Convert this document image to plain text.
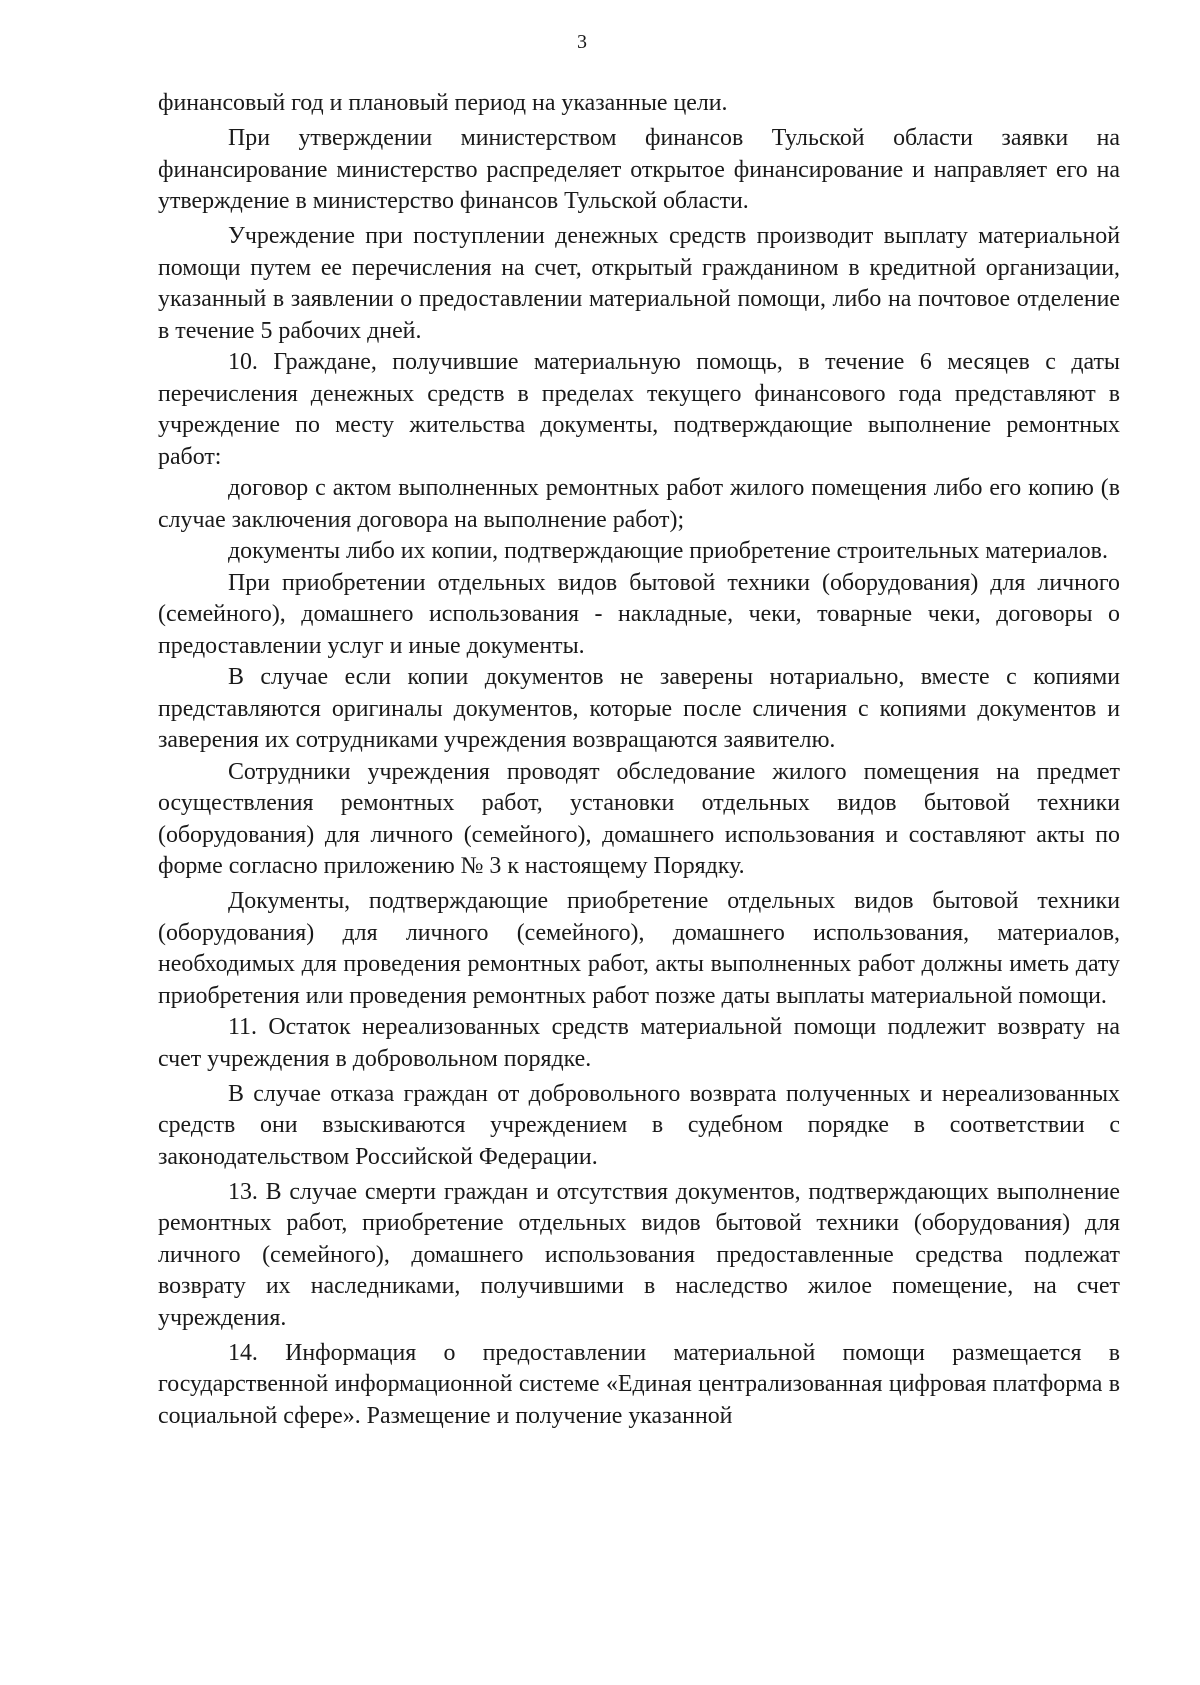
3

финансовый год и плановый период на указанные цели.

При утверждении министерством финансов Тульской области заявки на финансирование министерство распределяет открытое финансирование и направляет его на утверждение в министерство финансов Тульской области.

Учреждение при поступлении денежных средств производит выплату материальной помощи путем ее перечисления на счет, открытый гражданином в кредитной организации, указанный в заявлении о предоставлении материальной помощи, либо на почтовое отделение в течение 5 рабочих дней.

10. Граждане, получившие материальную помощь, в течение 6 месяцев с даты перечисления денежных средств в пределах текущего финансового года представляют в учреждение по месту жительства документы, подтверждающие выполнение ремонтных работ:

договор с актом выполненных ремонтных работ жилого помещения либо его копию (в случае заключения договора на выполнение работ);

документы либо их копии, подтверждающие приобретение строительных материалов.

При приобретении отдельных видов бытовой техники (оборудования) для личного (семейного), домашнего использования - накладные, чеки, товарные чеки, договоры о предоставлении услуг и иные документы.

В случае если копии документов не заверены нотариально, вместе с копиями представляются оригиналы документов, которые после сличения с копиями документов и заверения их сотрудниками учреждения возвращаются заявителю.

Сотрудники учреждения проводят обследование жилого помещения на предмет осуществления ремонтных работ, установки отдельных видов бытовой техники (оборудования) для личного (семейного), домашнего использования и составляют акты по форме согласно приложению № 3 к настоящему Порядку.

Документы, подтверждающие приобретение отдельных видов бытовой техники (оборудования) для личного (семейного), домашнего использования, материалов, необходимых для проведения ремонтных работ, акты выполненных работ должны иметь дату приобретения или проведения ремонтных работ позже даты выплаты материальной помощи.

11. Остаток нереализованных средств материальной помощи подлежит возврату на счет учреждения в добровольном порядке.

В случае отказа граждан от добровольного возврата полученных и нереализованных средств они взыскиваются учреждением в судебном порядке в соответствии с законодательством Российской Федерации.

13. В случае смерти граждан и отсутствия документов, подтверждающих выполнение ремонтных работ, приобретение отдельных видов бытовой техники (оборудования) для личного (семейного), домашнего использования предоставленные средства подлежат возврату их наследниками, получившими в наследство жилое помещение, на счет учреждения.

14. Информация о предоставлении материальной помощи размещается в государственной информационной системе «Единая централизованная цифровая платформа в социальной сфере». Размещение и получение указанной
